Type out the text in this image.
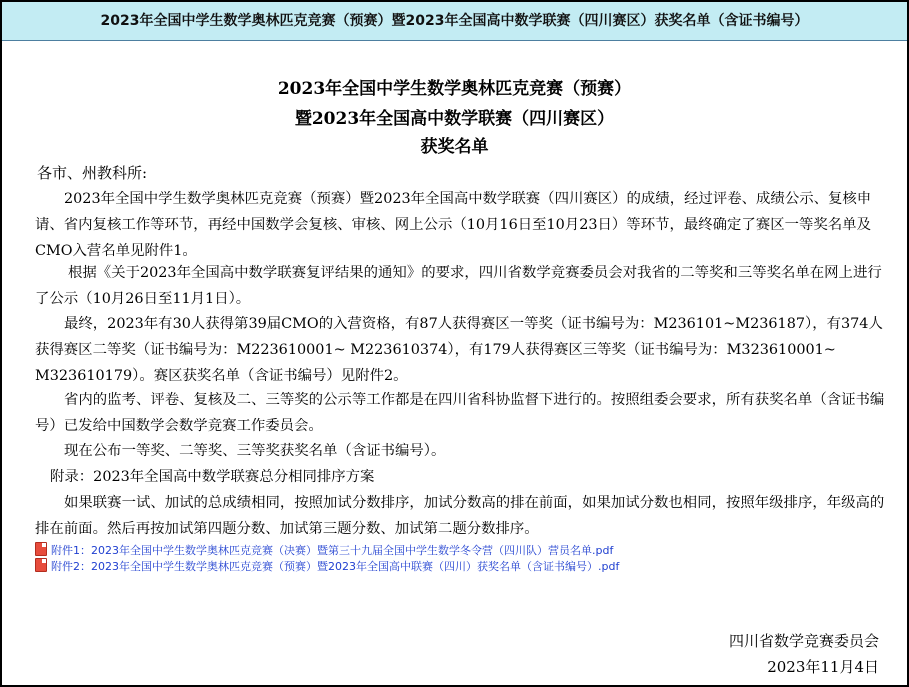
2023年全国中学生数学奥林匹克竞赛（预赛）暨2023年全国高中数学联赛（四川赛区）获奖名单（含证书编号）
2023年全国中学生数学奥林匹克竞赛（预赛）
暨2023年全国高中数学联赛（四川赛区）
获奖名单
各市、州教科所:

2023年全国中学生数学奥林匹克竞赛（预赛）暨2023年全国高中数学联赛（四川赛区）的成绩，经过评卷、成绩公示、复核申请、省内复核工作等环节，再经中国数学会复核、审核、网上公示（10月16日至10月23日）等环节，最终确定了赛区一等奖名单及CMO入营名单见附件1。

根据《关于2023年全国高中数学联赛复评结果的通知》的要求，四川省数学竞赛委员会对我省的二等奖和三等奖名单在网上进行了公示（10月26日至11月1日）。

最终，2023年有30人获得第39届CMO的入营资格，有87人获得赛区一等奖（证书编号为：M236101~M236187），有374人获得赛区二等奖（证书编号为：M223610001~ M223610374），有179人获得赛区三等奖（证书编号为：M323610001~ M323610179）。赛区获奖名单（含证书编号）见附件2。

省内的监考、评卷、复核及二、三等奖的公示等工作都是在四川省科协监督下进行的。按照组委会要求，所有获奖名单（含证书编号）已发给中国数学会数学竞赛工作委员会。

现在公布一等奖、二等奖、三等奖获奖名单（含证书编号）。

附录：2023年全国高中数学联赛总分相同排序方案

如果联赛一试、加试的总成绩相同，按照加试分数排序，加试分数高的排在前面，如果加试分数也相同，按照年级排序，年级高的排在前面。然后再按加试第四题分数、加试第三题分数、加试第二题分数排序。

附件1：2023年全国中学生数学奥林匹克竞赛（决赛）暨第三十九届全国中学生数学冬令营（四川队）营员名单.pdf
附件2：2023年全国中学生数学奥林匹克竞赛（预赛）暨2023年全国高中联赛（四川）获奖名单（含证书编号）.pdf
四川省数学竞赛委员会
2023年11月4日
